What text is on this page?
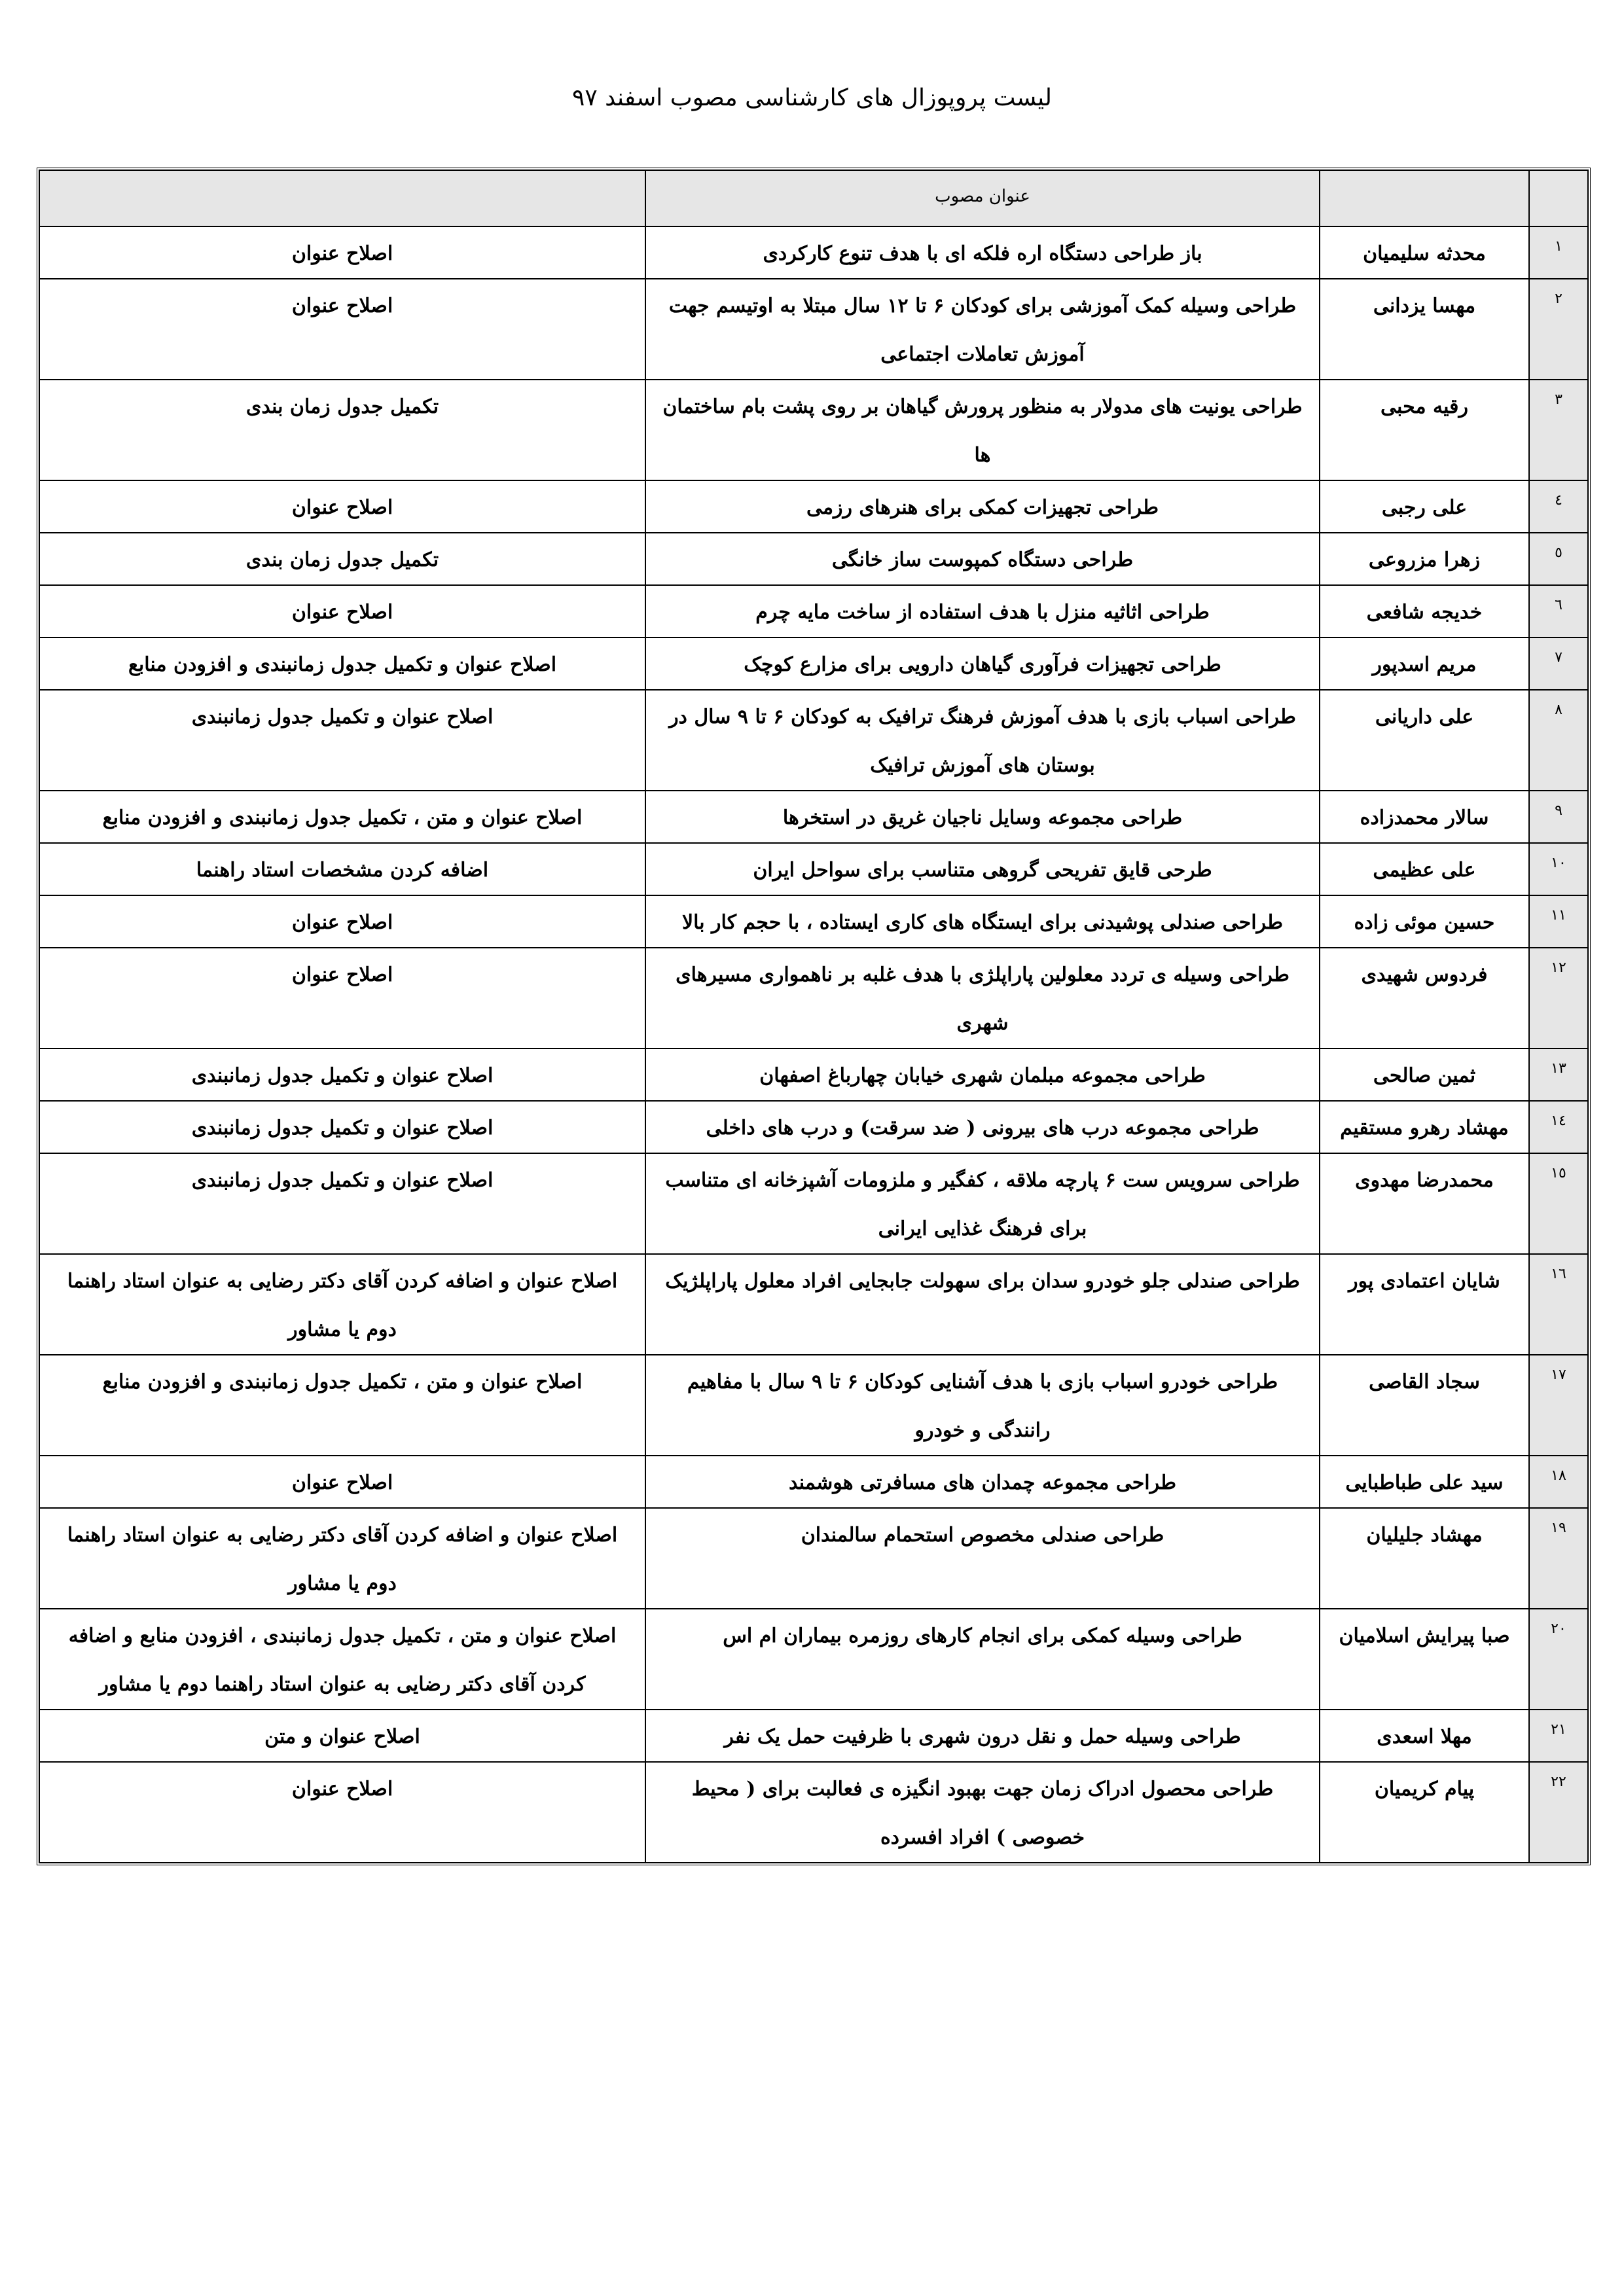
لیست پروپوزال های کارشناسی مصوب اسفند ۹۷
		عنوان مصوب	
۱	محدثه سلیمیان	باز طراحی دستگاه اره فلکه ای با هدف تنوع کارکردی	اصلاح عنوان
۲	مهسا یزدانی	طراحی وسیله کمک آموزشی برای کودکان ۶ تا ۱۲ سال مبتلا به اوتیسم جهت آموزش تعاملات اجتماعی	اصلاح عنوان
۳	رقیه محبی	طراحی یونیت های مدولار به منظور پرورش گیاهان بر روی پشت بام ساختمان ها	تکمیل جدول زمان بندی
٤	علی رجبی	طراحی تجهیزات کمکی برای هنرهای رزمی	اصلاح عنوان
٥	زهرا مزروعی	طراحی دستگاه کمپوست ساز خانگی	تکمیل جدول زمان بندی
٦	خدیجه شافعی	طراحی اثاثیه منزل با هدف استفاده از ساخت مایه چرم	اصلاح عنوان
۷	مریم اسدپور	طراحی تجهیزات فرآوری گیاهان دارویی برای مزارع کوچک	اصلاح عنوان و تکمیل جدول زمانبندی و افزودن منابع
۸	علی داریانی	طراحی اسباب بازی با هدف آموزش فرهنگ ترافیک به کودکان ۶ تا ۹ سال در بوستان های آموزش ترافیک	اصلاح عنوان و تکمیل جدول زمانبندی
۹	سالار محمدزاده	طراحی مجموعه وسایل ناجیان غریق در استخرها	اصلاح عنوان و متن ، تکمیل جدول زمانبندی و افزودن منابع
۱۰	علی عظیمی	طرحی قایق تفریحی گروهی متناسب برای سواحل ایران	اضافه کردن مشخصات استاد راهنما
۱۱	حسین موئی زاده	طراحی صندلی پوشیدنی برای ایستگاه های کاری ایستاده ، با حجم کار بالا	اصلاح عنوان
۱۲	فردوس شهیدی	طراحی وسیله ی تردد معلولین پاراپلژی با هدف غلبه بر ناهمواری مسیرهای شهری	اصلاح عنوان
۱۳	ثمین صالحی	طراحی مجموعه مبلمان شهری خیابان چهارباغ اصفهان	اصلاح عنوان و تکمیل جدول زمانبندی
۱٤	مهشاد رهرو مستقیم	طراحی مجموعه درب های بیرونی ( ضد سرقت) و درب های داخلی	اصلاح عنوان و تکمیل جدول زمانبندی
۱٥	محمدرضا مهدوی	طراحی سرویس ست ۶ پارچه ملاقه ، کفگیر و ملزومات آشپزخانه ای متناسب برای فرهنگ غذایی ایرانی	اصلاح عنوان و تکمیل جدول زمانبندی
۱٦	شایان اعتمادی پور	طراحی صندلی جلو خودرو سدان برای سهولت جابجایی افراد معلول پاراپلژیک	اصلاح عنوان و اضافه کردن آقای دکتر رضایی به عنوان استاد راهنما دوم یا مشاور
۱۷	سجاد القاصی	طراحی خودرو اسباب بازی با هدف آشنایی کودکان ۶ تا ۹ سال با مفاهیم رانندگی و خودرو	اصلاح عنوان و متن ، تکمیل جدول زمانبندی و افزودن منابع
۱۸	سید علی طباطبایی	طراحی مجموعه چمدان های مسافرتی هوشمند	اصلاح عنوان
۱۹	مهشاد جلیلیان	طراحی صندلی مخصوص استحمام سالمندان	اصلاح عنوان و اضافه کردن آقای دکتر رضایی به عنوان استاد راهنما دوم یا مشاور
۲۰	صبا پیرایش اسلامیان	طراحی وسیله کمکی برای انجام کارهای روزمره بیماران ام اس	اصلاح عنوان و متن ، تکمیل جدول زمانبندی ، افزودن منابع و اضافه کردن آقای دکتر رضایی به عنوان استاد راهنما دوم یا مشاور
۲۱	مهلا اسعدی	طراحی وسیله حمل و نقل درون شهری با ظرفیت حمل یک نفر	اصلاح عنوان و متن
۲۲	پیام کریمیان	طراحی محصول ادراک زمان جهت بهبود انگیزه ی فعالبت برای ( محیط خصوصی ) افراد افسرده	اصلاح عنوان
